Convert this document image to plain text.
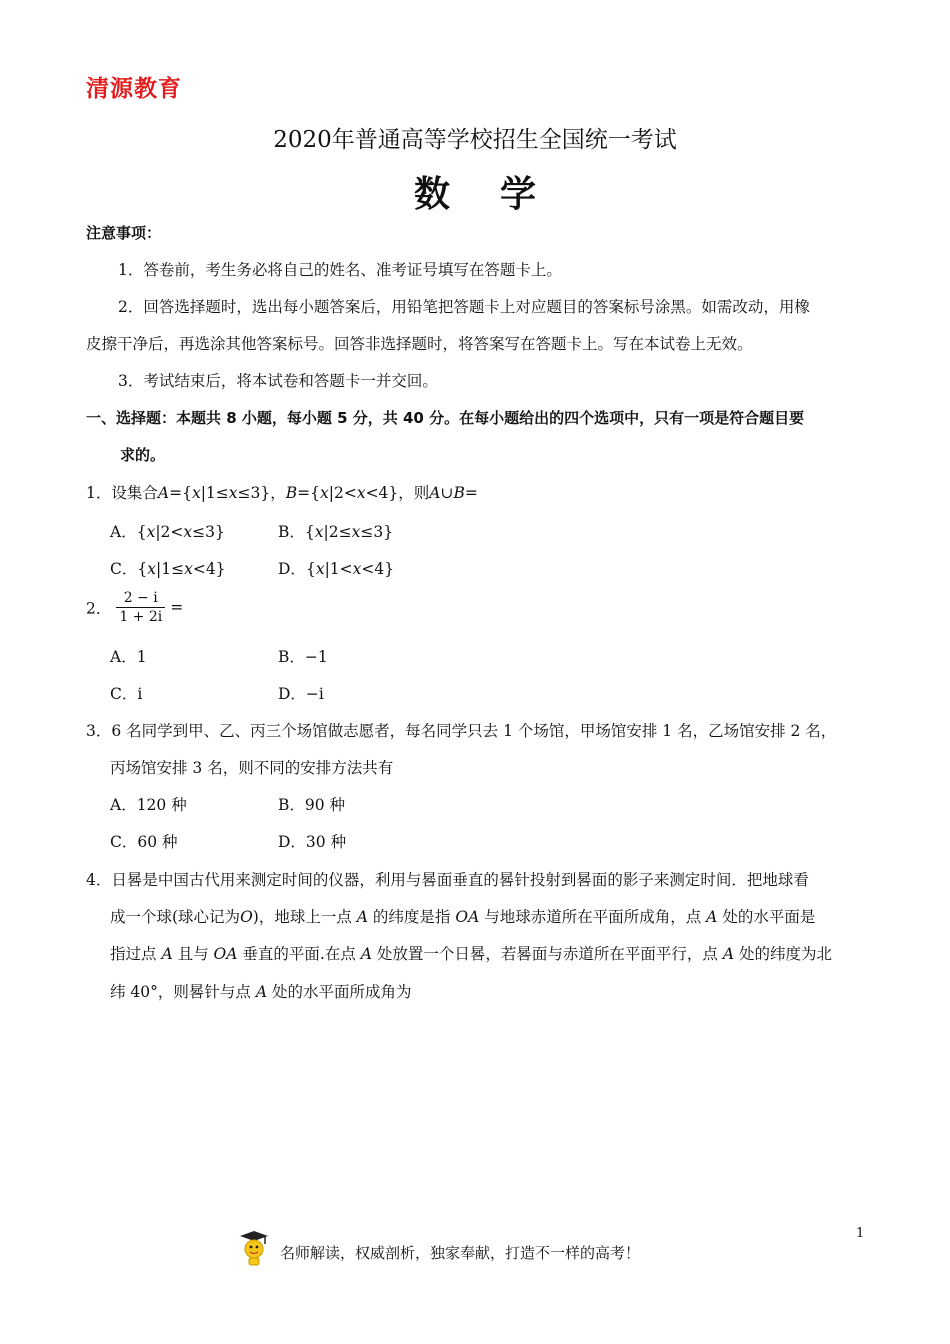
清源教育
2020年普通高等学校招生全国统一考试
数学
注意事项：
1．答卷前，考生务必将自己的姓名、准考证号填写在答题卡上。
2．回答选择题时，选出每小题答案后，用铅笔把答题卡上对应题目的答案标号涂黑。如需改动，用橡
皮擦干净后，再选涂其他答案标号。回答非选择题时，将答案写在答题卡上。写在本试卷上无效。
3．考试结束后，将本试卷和答题卡一并交回。
一、选择题：本题共 8 小题，每小题 5 分，共 40 分。在每小题给出的四个选项中，只有一项是符合题目要
求的。
1．设集合A={x|1≤x≤3}，B={x|2<x<4}，则A∪B=
A．{x|2<x≤3}	B．{x|2≤x≤3}
C．{x|1≤x<4}	D．{x|1<x<4}
2． $\frac{2 - i}{1 + 2i}$ =
A．1	B．−1
C．i	D．−i
3．6 名同学到甲、乙、丙三个场馆做志愿者，每名同学只去 1 个场馆，甲场馆安排 1 名，乙场馆安排 2 名，
丙场馆安排 3 名，则不同的安排方法共有
A．120 种	B．90 种
C．60 种	D．30 种
4．日晷是中国古代用来测定时间的仪器，利用与晷面垂直的晷针投射到晷面的影子来测定时间．把地球看
成一个球(球心记为O)，地球上一点 A 的纬度是指 OA 与地球赤道所在平面所成角，点 A 处的水平面是
指过点 A 且与 OA 垂直的平面.在点 A 处放置一个日晷，若晷面与赤道所在平面平行，点 A 处的纬度为北
纬 40°，则晷针与点 A 处的水平面所成角为
1
名师解读，权威剖析，独家奉献，打造不一样的高考！
